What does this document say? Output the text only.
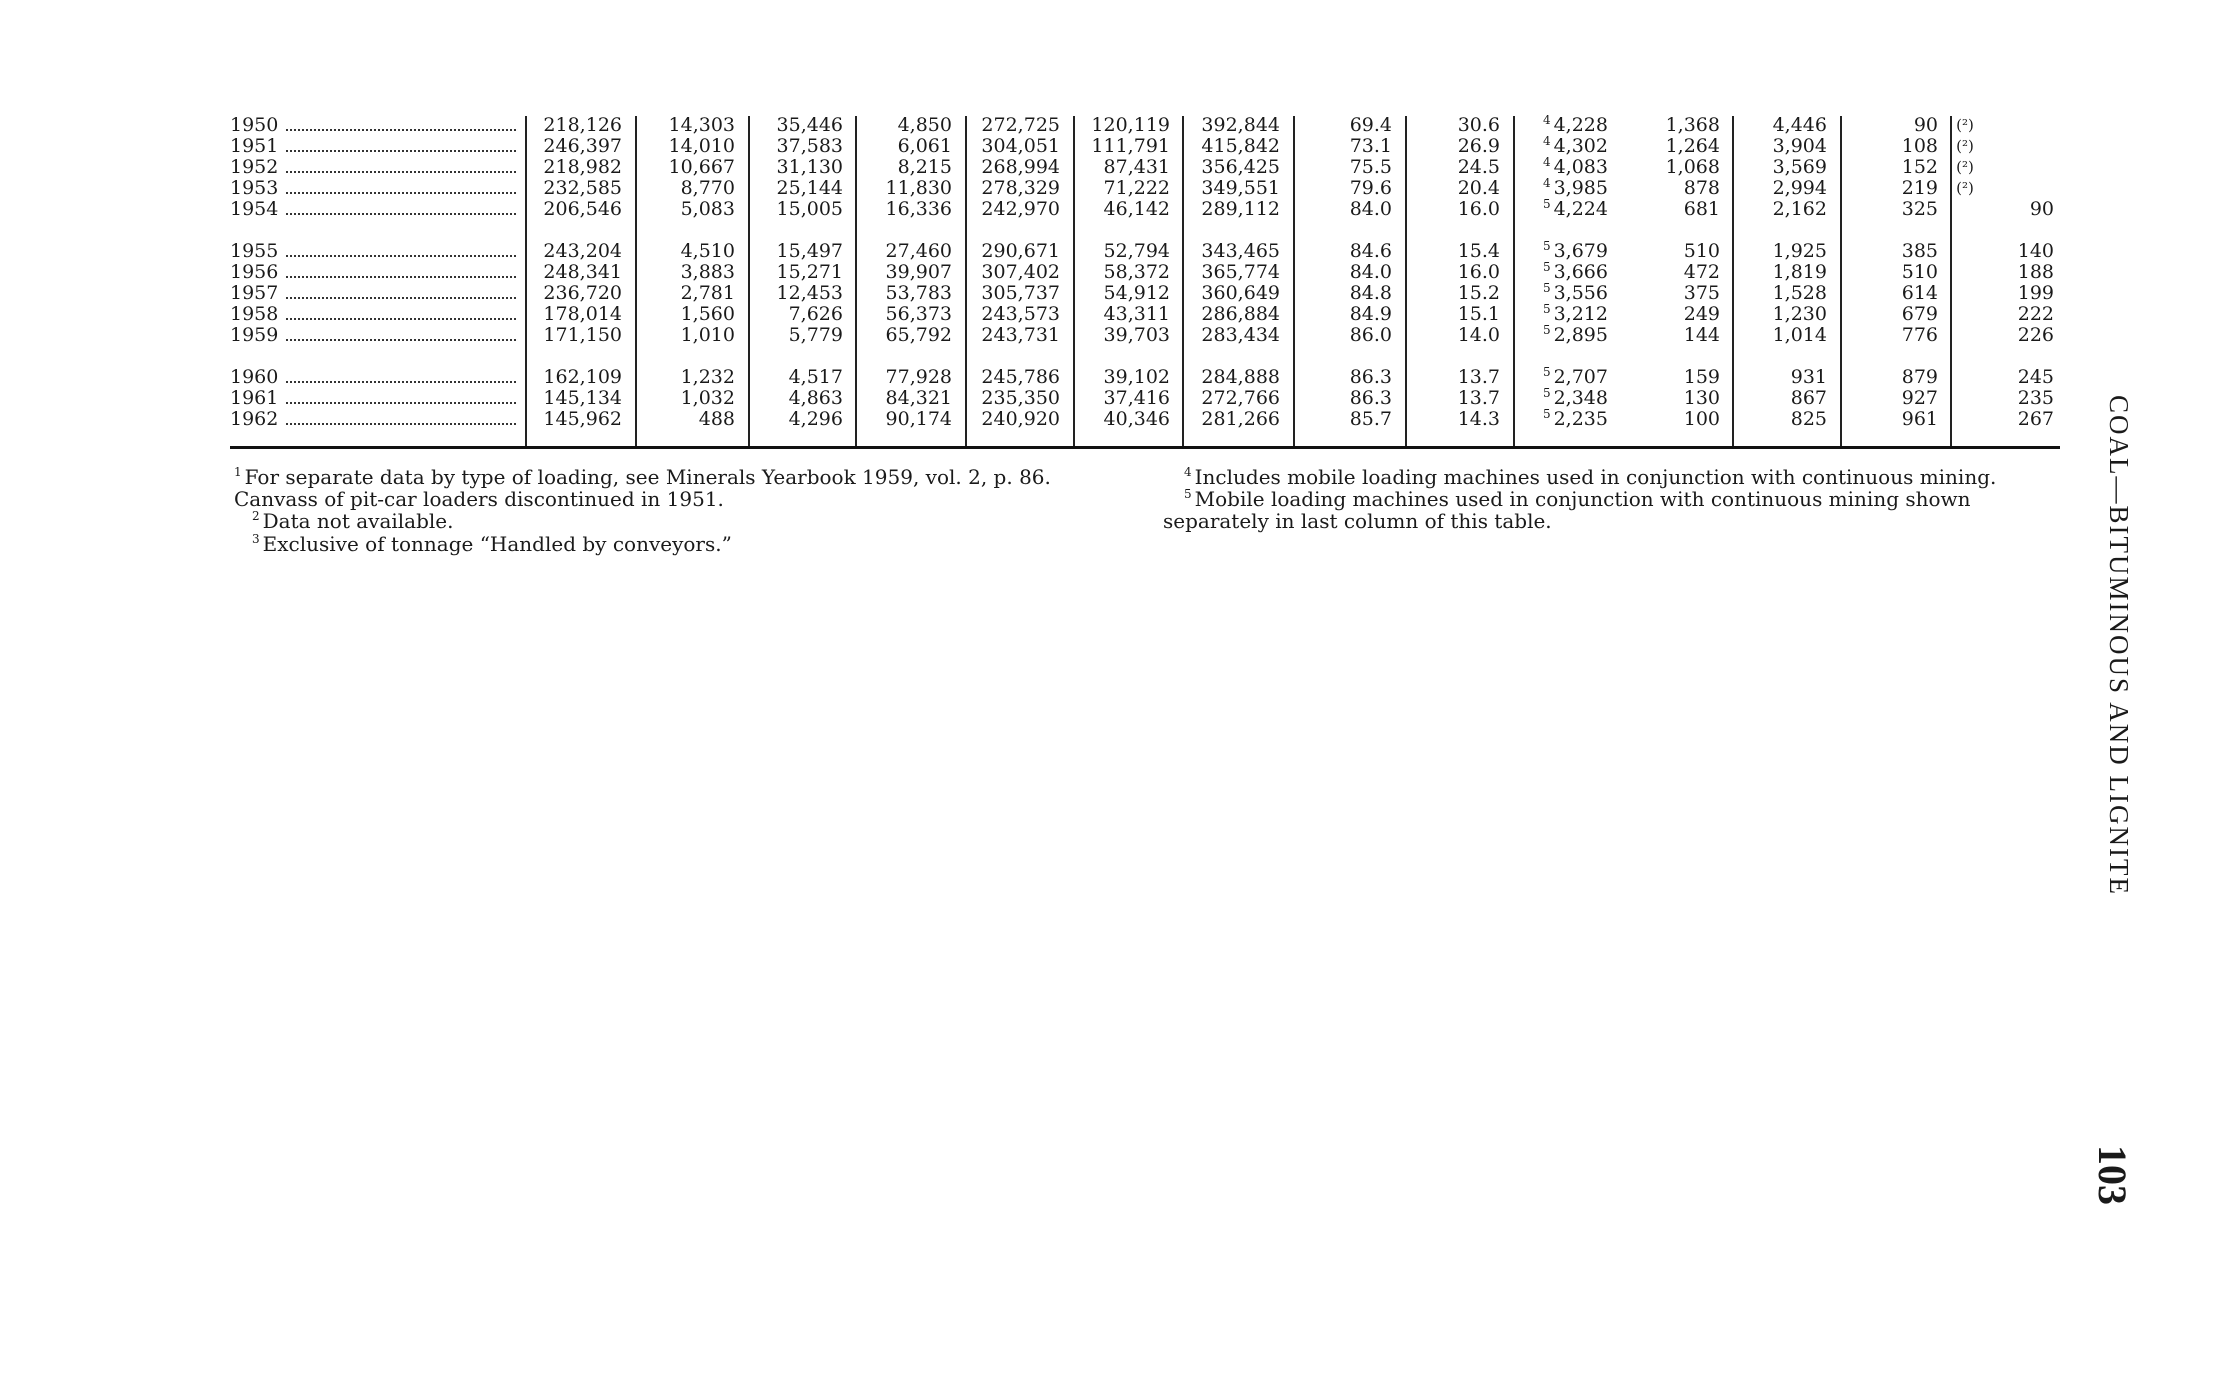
1950	218,126	14,303	35,446	4,850	272,725	120,119	392,844	69.4	30.6	$^4$ 4,228	1,368	4,446	90	(²)
1951	246,397	14,010	37,583	6,061	304,051	111,791	415,842	73.1	26.9	$^4$ 4,302	1,264	3,904	108	(²)
1952	218,982	10,667	31,130	8,215	268,994	87,431	356,425	75.5	24.5	$^4$ 4,083	1,068	3,569	152	(²)
1953	232,585	8,770	25,144	11,830	278,329	71,222	349,551	79.6	20.4	$^4$ 3,985	878	2,994	219	(²)
1954	206,546	5,083	15,005	16,336	242,970	46,142	289,112	84.0	16.0	$^5$ 4,224	681	2,162	325	90
1955	243,204	4,510	15,497	27,460	290,671	52,794	343,465	84.6	15.4	$^5$ 3,679	510	1,925	385	140
1956	248,341	3,883	15,271	39,907	307,402	58,372	365,774	84.0	16.0	$^5$ 3,666	472	1,819	510	188
1957	236,720	2,781	12,453	53,783	305,737	54,912	360,649	84.8	15.2	$^5$ 3,556	375	1,528	614	199
1958	178,014	1,560	7,626	56,373	243,573	43,311	286,884	84.9	15.1	$^5$ 3,212	249	1,230	679	222
1959	171,150	1,010	5,779	65,792	243,731	39,703	283,434	86.0	14.0	$^5$ 2,895	144	1,014	776	226
1960	162,109	1,232	4,517	77,928	245,786	39,102	284,888	86.3	13.7	$^5$ 2,707	159	931	879	245
1961	145,134	1,032	4,863	84,321	235,350	37,416	272,766	86.3	13.7	$^5$ 2,348	130	867	927	235
1962	145,962	488	4,296	90,174	240,920	40,346	281,266	85.7	14.3	$^5$ 2,235	100	825	961	267
$^1$ For separate data by type of loading, see Minerals Yearbook 1959, vol. 2, p. 86.
Canvass of pit-car loaders discontinued in 1951.
$^2$ Data not available.
$^3$ Exclusive of tonnage “Handled by conveyors.”
$^4$ Includes mobile loading machines used in conjunction with continuous mining.
$^5$ Mobile loading machines used in conjunction with continuous mining shown
separately in last column of this table.	COAL—BITUMINOUS AND LIGNITE
103
